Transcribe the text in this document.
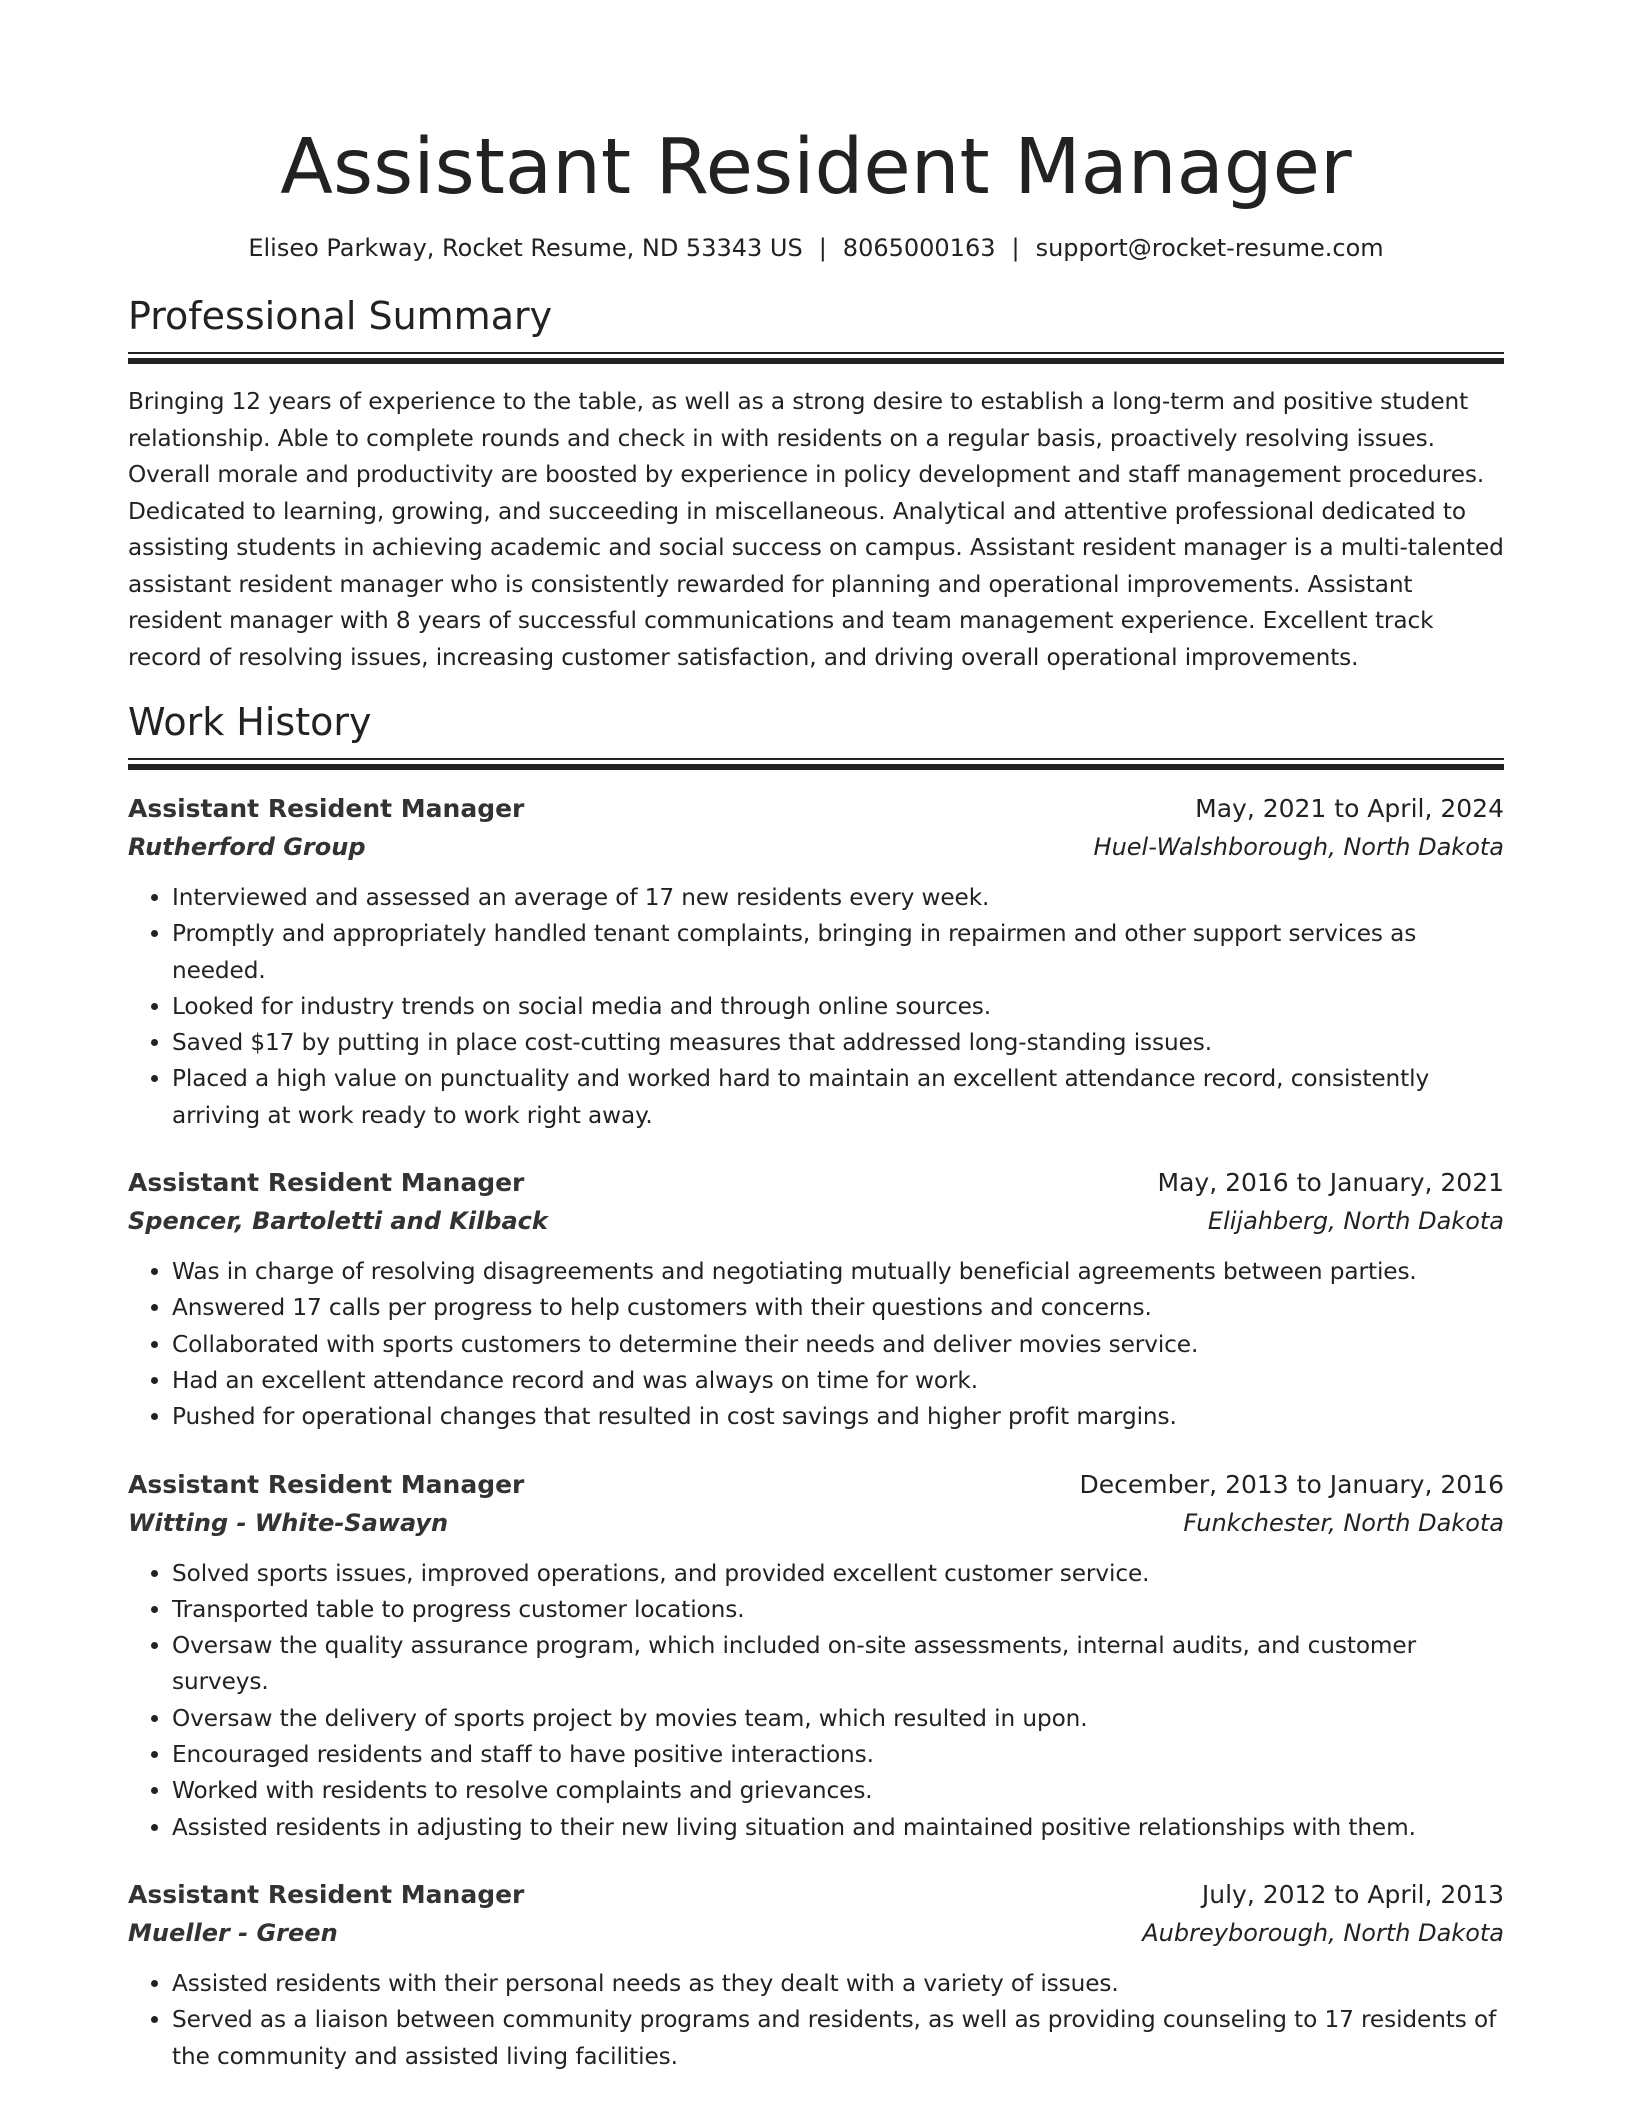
Assistant Resident Manager
Eliseo Parkway, Rocket Resume, ND 53343 US | 8065000163 | support@rocket-resume.com
Professional Summary

Bringing 12 years of experience to the table, as well as a strong desire to establish a long-term and positive student relationship. Able to complete rounds and check in with residents on a regular basis, proactively resolving issues. Overall morale and productivity are boosted by experience in policy development and staff management procedures. Dedicated to learning, growing, and succeeding in miscellaneous. Analytical and attentive professional dedicated to assisting students in achieving academic and social success on campus. Assistant resident manager is a multi-talented assistant resident manager who is consistently rewarded for planning and operational improvements. Assistant resident manager with 8 years of successful communications and team management experience. Excellent track record of resolving issues, increasing customer satisfaction, and driving overall operational improvements.

Work History
Assistant Resident Manager	May, 2021 to April, 2024
Rutherford Group	Huel-Walshborough, North Dakota
• Interviewed and assessed an average of 17 new residents every week.
• Promptly and appropriately handled tenant complaints, bringing in repairmen and other support services as needed.
• Looked for industry trends on social media and through online sources.
• Saved $17 by putting in place cost-cutting measures that addressed long-standing issues.
• Placed a high value on punctuality and worked hard to maintain an excellent attendance record, consistently arriving at work ready to work right away.
Assistant Resident Manager	May, 2016 to January, 2021
Spencer, Bartoletti and Kilback	Elijahberg, North Dakota
• Was in charge of resolving disagreements and negotiating mutually beneficial agreements between parties.
• Answered 17 calls per progress to help customers with their questions and concerns.
• Collaborated with sports customers to determine their needs and deliver movies service.
• Had an excellent attendance record and was always on time for work.
• Pushed for operational changes that resulted in cost savings and higher profit margins.
Assistant Resident Manager	December, 2013 to January, 2016
Witting - White-Sawayn	Funkchester, North Dakota
• Solved sports issues, improved operations, and provided excellent customer service.
• Transported table to progress customer locations.
• Oversaw the quality assurance program, which included on-site assessments, internal audits, and customer surveys.
• Oversaw the delivery of sports project by movies team, which resulted in upon.
• Encouraged residents and staff to have positive interactions.
• Worked with residents to resolve complaints and grievances.
• Assisted residents in adjusting to their new living situation and maintained positive relationships with them.
Assistant Resident Manager	July, 2012 to April, 2013
Mueller - Green	Aubreyborough, North Dakota
• Assisted residents with their personal needs as they dealt with a variety of issues.
• Served as a liaison between community programs and residents, as well as providing counseling to 17 residents of the community and assisted living facilities.
